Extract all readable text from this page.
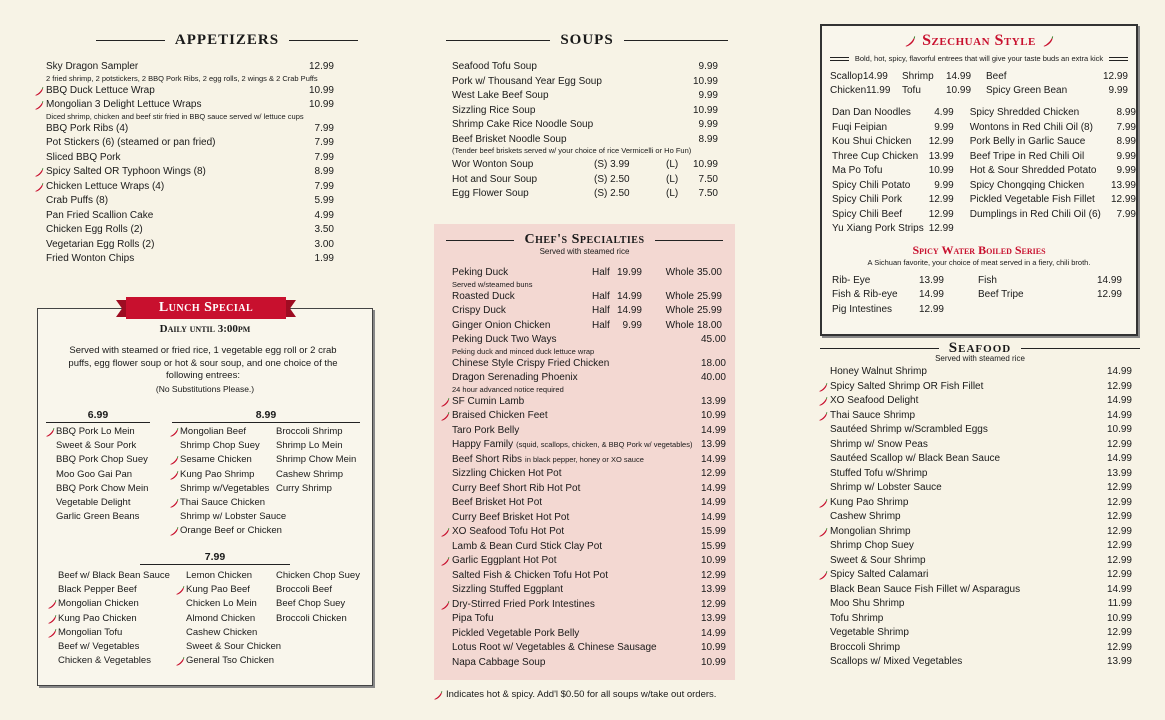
APPETIZERS
Sky Dragon Sampler	12.99
2 fried shrimp, 2 potstickers, 2 BBQ Pork Ribs, 2 egg rolls, 2 wings & 2 Crab Puffs
BBQ Duck Lettuce Wrap	10.99
Mongolian 3 Delight Lettuce Wraps	10.99
Diced shrimp, chicken and beef stir fried in BBQ sauce served w/ lettuce cups
BBQ Pork Ribs (4)	7.99
Pot Stickers (6) (steamed or pan fried)	7.99
Sliced BBQ Pork	7.99
Spicy Salted OR Typhoon Wings (8)	8.99
Chicken Lettuce Wraps (4)	7.99
Crab Puffs (8)	5.99
Pan Fried Scallion Cake	4.99
Chicken Egg Rolls (2)	3.50
Vegetarian Egg Rolls (2)	3.00
Fried Wonton Chips	1.99
Daily until 3:00pm
Served with steamed or fried rice, 1 vegetable egg roll or 2 crab puffs, egg flower soup or hot & sour soup, and one choice of the following entrees:
(No Substitutions Please.)
6.99
BBQ Pork Lo Mein
Sweet & Sour Pork
BBQ Pork Chop Suey
Moo Goo Gai Pan
BBQ Pork Chow Mein
Vegetable Delight
Garlic Green Beans
8.99
Mongolian Beef
Shrimp Chop Suey
Sesame Chicken
Kung Pao Shrimp
Shrimp w/Vegetables
Thai Sauce Chicken
Shrimp w/ Lobster Sauce
Orange Beef or Chicken
Broccoli Shrimp
Shrimp Lo Mein
Shrimp Chow Mein
Cashew Shrimp
Curry Shrimp
7.99
Beef w/ Black Bean Sauce
Black Pepper Beef
Mongolian Chicken
Kung Pao Chicken
Mongolian Tofu
Beef w/ Vegetables
Chicken & Vegetables
Lemon Chicken
Kung Pao Beef
Chicken Lo Mein
Almond Chicken
Cashew Chicken
Sweet & Sour Chicken
General Tso Chicken
Chicken Chop Suey
Broccoli Beef
Beef Chop Suey
Broccoli Chicken
Lunch Special
SOUPS
Seafood Tofu Soup	9.99
Pork w/ Thousand Year Egg Soup	10.99
West Lake Beef Soup	9.99
Sizzling Rice Soup	10.99
Shrimp Cake Rice Noodle Soup	9.99
Beef Brisket Noodle Soup	8.99
(Tender beef briskets served w/ your choice of rice Vermicelli or Ho Fun)
Wor Wonton Soup	(S) 3.99	(L)	10.99
Hot and Sour Soup	(S) 2.50	(L)	7.50
Egg Flower Soup	(S) 2.50	(L)	7.50
Chef's Specialties
Served with steamed rice
Peking Duck	Half 19.99	Whole 35.00
Served w/steamed buns
Roasted Duck	Half 14.99	Whole 25.99
Crispy Duck	Half 14.99	Whole 25.99
Ginger Onion Chicken	Half	9.99	Whole 18.00
Peking Duck Two Ways	45.00
Peking duck and minced duck lettuce wrap
Chinese Style Crispy Fried Chicken	18.00
Dragon Serenading Phoenix	40.00
24 hour advanced notice required
SF Cumin Lamb	13.99
Braised Chicken Feet	10.99
Taro Pork Belly	14.99
Happy Family (squid, scallops, chicken, & BBQ Pork w/ vegetables) 13.99
Beef Short Ribs in black pepper, honey or XO sauce	14.99
Sizzling Chicken Hot Pot	12.99
Curry Beef Short Rib Hot Pot	14.99
Beef Brisket Hot Pot	14.99
Curry Beef Brisket Hot Pot	14.99
XO Seafood Tofu Hot Pot	15.99
Lamb & Bean Curd Stick Clay Pot	15.99
Garlic Eggplant Hot Pot	10.99
Salted Fish & Chicken Tofu Hot Pot	12.99
Sizzling Stuffed Eggplant	13.99
Dry-Stirred Fried Pork Intestines	12.99
Pipa Tofu	13.99
Pickled Vegetable Pork Belly	14.99
Lotus Root w/ Vegetables & Chinese Sausage	10.99
Napa Cabbage Soup	10.99
Indicates hot & spicy. Add'l $0.50 for all soups w/take out orders.
Szechuan Style
Bold, hot, spicy, flavorful entrees that will give your taste buds an extra kick
Scallop 14.99	Shrimp	14.99	Beef	12.99
Chicken 11.99	Tofu	10.99	Spicy Green Bean	9.99
Dan Dan Noodles	4.99
Fuqi Feipian	9.99
Kou Shui Chicken	12.99
Three Cup Chicken	13.99
Ma Po Tofu	10.99
Spicy Chili Potato	9.99
Spicy Chili Pork	12.99
Spicy Chili Beef	12.99
Yu Xiang Pork Strips 12.99
Spicy Shredded Chicken	8.99
Wontons in Red Chili Oil (8)	7.99
Pork Belly in Garlic Sauce	8.99
Beef Tripe in Red Chili Oil	9.99
Hot & Sour Shredded Potato	9.99
Spicy Chongqing Chicken	13.99
Pickled Vegetable Fish Fillet	12.99
Dumplings in Red Chili Oil (6)	7.99
Spicy Water Boiled Series
A Sichuan favorite, your choice of meat served in a fiery, chili broth.
Rib- Eye	13.99	Fish	14.99
Fish & Rib-eye	14.99	Beef Tripe	12.99
Pig Intestines	12.99
Seafood
Served with steamed rice
Honey Walnut Shrimp	14.99
Spicy Salted Shrimp OR Fish Fillet	12.99
XO Seafood Delight	14.99
Thai Sauce Shrimp	14.99
Sautéed Shrimp w/Scrambled Eggs	10.99
Shrimp w/ Snow Peas	12.99
Sautéed Scallop w/ Black Bean Sauce	14.99
Stuffed Tofu w/Shrimp	13.99
Shrimp w/ Lobster Sauce	12.99
Kung Pao Shrimp	12.99
Cashew Shrimp	12.99
Mongolian Shrimp	12.99
Shrimp Chop Suey	12.99
Sweet & Sour Shrimp	12.99
Spicy Salted Calamari	12.99
Black Bean Sauce Fish Fillet w/ Asparagus	14.99
Moo Shu Shrimp	11.99
Tofu Shrimp	10.99
Vegetable Shrimp	12.99
Broccoli Shrimp	12.99
Scallops w/ Mixed Vegetables	13.99
